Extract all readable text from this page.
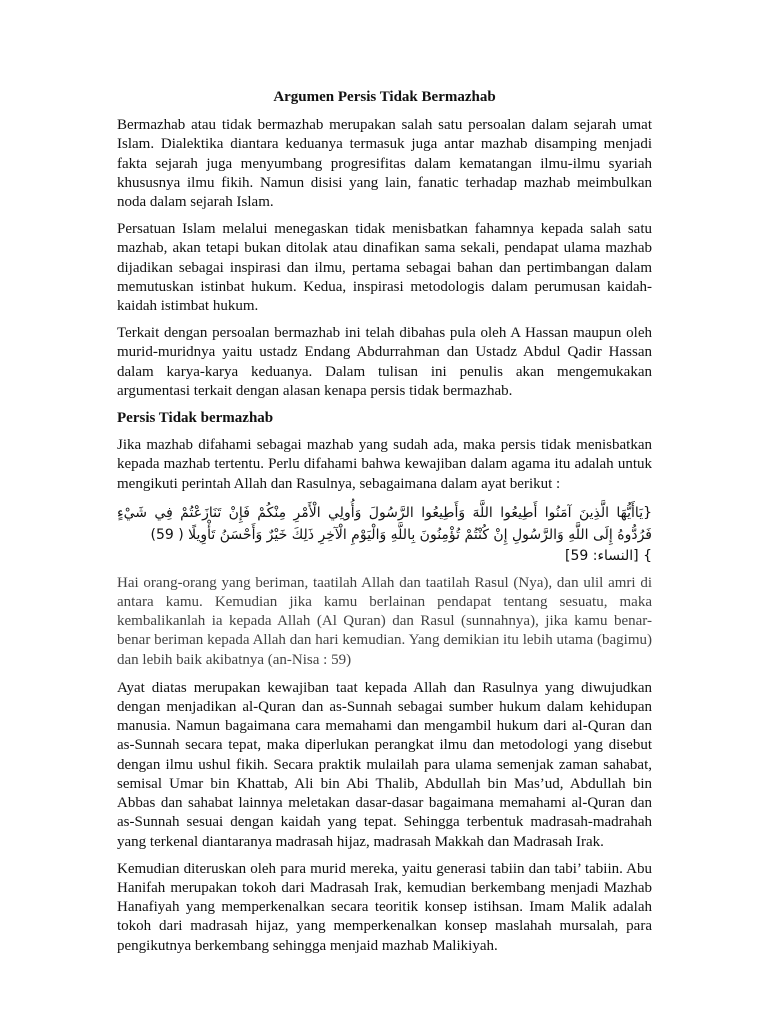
Argumen Persis Tidak Bermazhab

Bermazhab atau tidak bermazhab merupakan salah satu persoalan dalam sejarah umat Islam. Dialektika diantara keduanya termasuk juga antar mazhab disamping menjadi fakta sejarah juga menyumbang progresifitas dalam kematangan ilmu-ilmu syariah khususnya ilmu fikih. Namun disisi yang lain, fanatic terhadap mazhab meimbulkan noda dalam sejarah Islam.

Persatuan Islam melalui menegaskan tidak menisbatkan fahamnya kepada salah satu mazhab, akan tetapi bukan ditolak atau dinafikan sama sekali, pendapat ulama mazhab dijadikan sebagai inspirasi dan ilmu, pertama sebagai bahan dan pertimbangan dalam memutuskan istinbat hukum. Kedua, inspirasi metodologis dalam perumusan kaidah-kaidah istimbat hukum.

Terkait dengan persoalan bermazhab ini telah dibahas pula oleh A Hassan maupun oleh murid-muridnya yaitu ustadz Endang Abdurrahman dan Ustadz Abdul Qadir Hassan dalam karya-karya keduanya. Dalam tulisan ini penulis akan mengemukakan argumentasi terkait dengan alasan kenapa persis tidak bermazhab.

Persis Tidak bermazhab

Jika mazhab difahami sebagai mazhab yang sudah ada, maka persis tidak menisbatkan kepada mazhab tertentu. Perlu difahami bahwa kewajiban dalam agama itu adalah untuk mengikuti perintah Allah dan Rasulnya, sebagaimana dalam ayat berikut :

{يَاأَيُّهَا الَّذِينَ آمَنُوا أَطِيعُوا اللَّهَ وَأَطِيعُوا الرَّسُولَ وَأُولِي الْأَمْرِ مِنْكُمْ فَإِنْ تَنَازَعْتُمْ فِي شَيْءٍ فَرُدُّوهُ إِلَى اللَّهِ وَالرَّسُولِ إِنْ كُنْتُمْ تُؤْمِنُونَ بِاللَّهِ وَالْيَوْمِ الْآخِرِ ذَلِكَ خَيْرٌ وَأَحْسَنُ تَأْوِيلًا ( 59)

} [النساء: 59]

Hai orang-orang yang beriman, taatilah Allah dan taatilah Rasul (Nya), dan ulil amri di antara kamu. Kemudian jika kamu berlainan pendapat tentang sesuatu, maka kembalikanlah ia kepada Allah (Al Quran) dan Rasul (sunnahnya), jika kamu benar-benar beriman kepada Allah dan hari kemudian. Yang demikian itu lebih utama (bagimu) dan lebih baik akibatnya (an-Nisa : 59)

Ayat diatas merupakan kewajiban taat kepada Allah dan Rasulnya yang diwujudkan dengan menjadikan al-Quran dan as-Sunnah sebagai sumber hukum dalam kehidupan manusia. Namun bagaimana cara memahami dan mengambil hukum dari al-Quran dan as-Sunnah secara tepat, maka diperlukan perangkat ilmu dan metodologi yang disebut dengan ilmu ushul fikih. Secara praktik mulailah para ulama semenjak zaman sahabat, semisal Umar bin Khattab, Ali bin Abi Thalib, Abdullah bin Mas’ud, Abdullah bin Abbas dan sahabat lainnya meletakan dasar-dasar bagaimana memahami al-Quran dan as-Sunnah sesuai dengan kaidah yang tepat. Sehingga terbentuk madrasah-madrahah yang terkenal diantaranya madrasah hijaz, madrasah Makkah dan Madrasah Irak.

Kemudian diteruskan oleh para murid mereka, yaitu generasi tabiin dan tabi’ tabiin. Abu Hanifah merupakan tokoh dari Madrasah Irak, kemudian berkembang menjadi Mazhab Hanafiyah yang memperkenalkan secara teoritik konsep istihsan. Imam Malik adalah tokoh dari madrasah hijaz, yang memperkenalkan konsep maslahah mursalah, para pengikutnya berkembang sehingga menjaid mazhab Malikiyah.
